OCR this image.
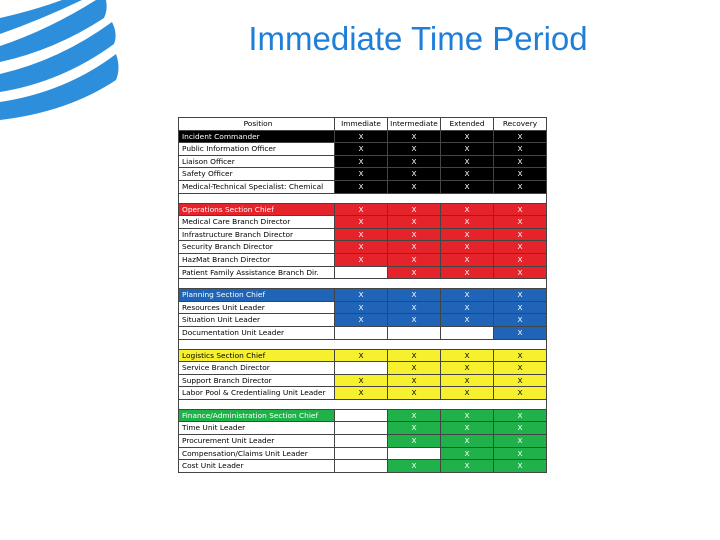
Immediate Time Period
Position	Immediate	Intermediate	Extended	Recovery
Incident Commander	X	X	X	X
Public Information Officer	X	X	X	X
Liaison Officer	X	X	X	X
Safety Officer	X	X	X	X
Medical-Technical Specialist: Chemical	X	X	X	X

Operations Section Chief	X	X	X	X
Medical Care Branch Director	X	X	X	X
Infrastructure Branch Director	X	X	X	X
Security Branch Director	X	X	X	X
HazMat Branch Director	X	X	X	X
Patient Family Assistance Branch Dir.		X	X	X

Planning Section Chief	X	X	X	X
Resources Unit Leader	X	X	X	X
Situation Unit Leader	X	X	X	X
Documentation Unit Leader				X

Logistics Section Chief	X	X	X	X
Service Branch Director		X	X	X
Support Branch Director	X	X	X	X
Labor Pool & Credentialing Unit Leader	X	X	X	X

Finance/Administration Section Chief		X	X	X
Time Unit Leader		X	X	X
Procurement Unit Leader		X	X	X
Compensation/Claims Unit Leader			X	X
Cost Unit Leader		X	X	X
